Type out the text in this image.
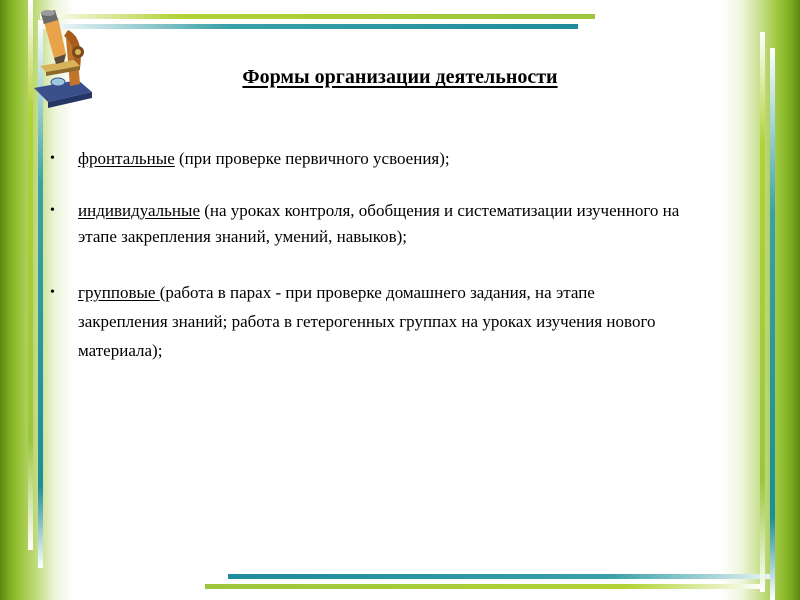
Формы организации деятельности
• фронтальные (при проверке первичного усвоения);
• индивидуальные (на уроках контроля, обобщения и систематизации изученного на этапе закрепления знаний, умений, навыков);
• групповые (работа в парах - при проверке домашнего задания, на этапе закрепления знаний; работа в гетерогенных группах на уроках изучения нового материала);
